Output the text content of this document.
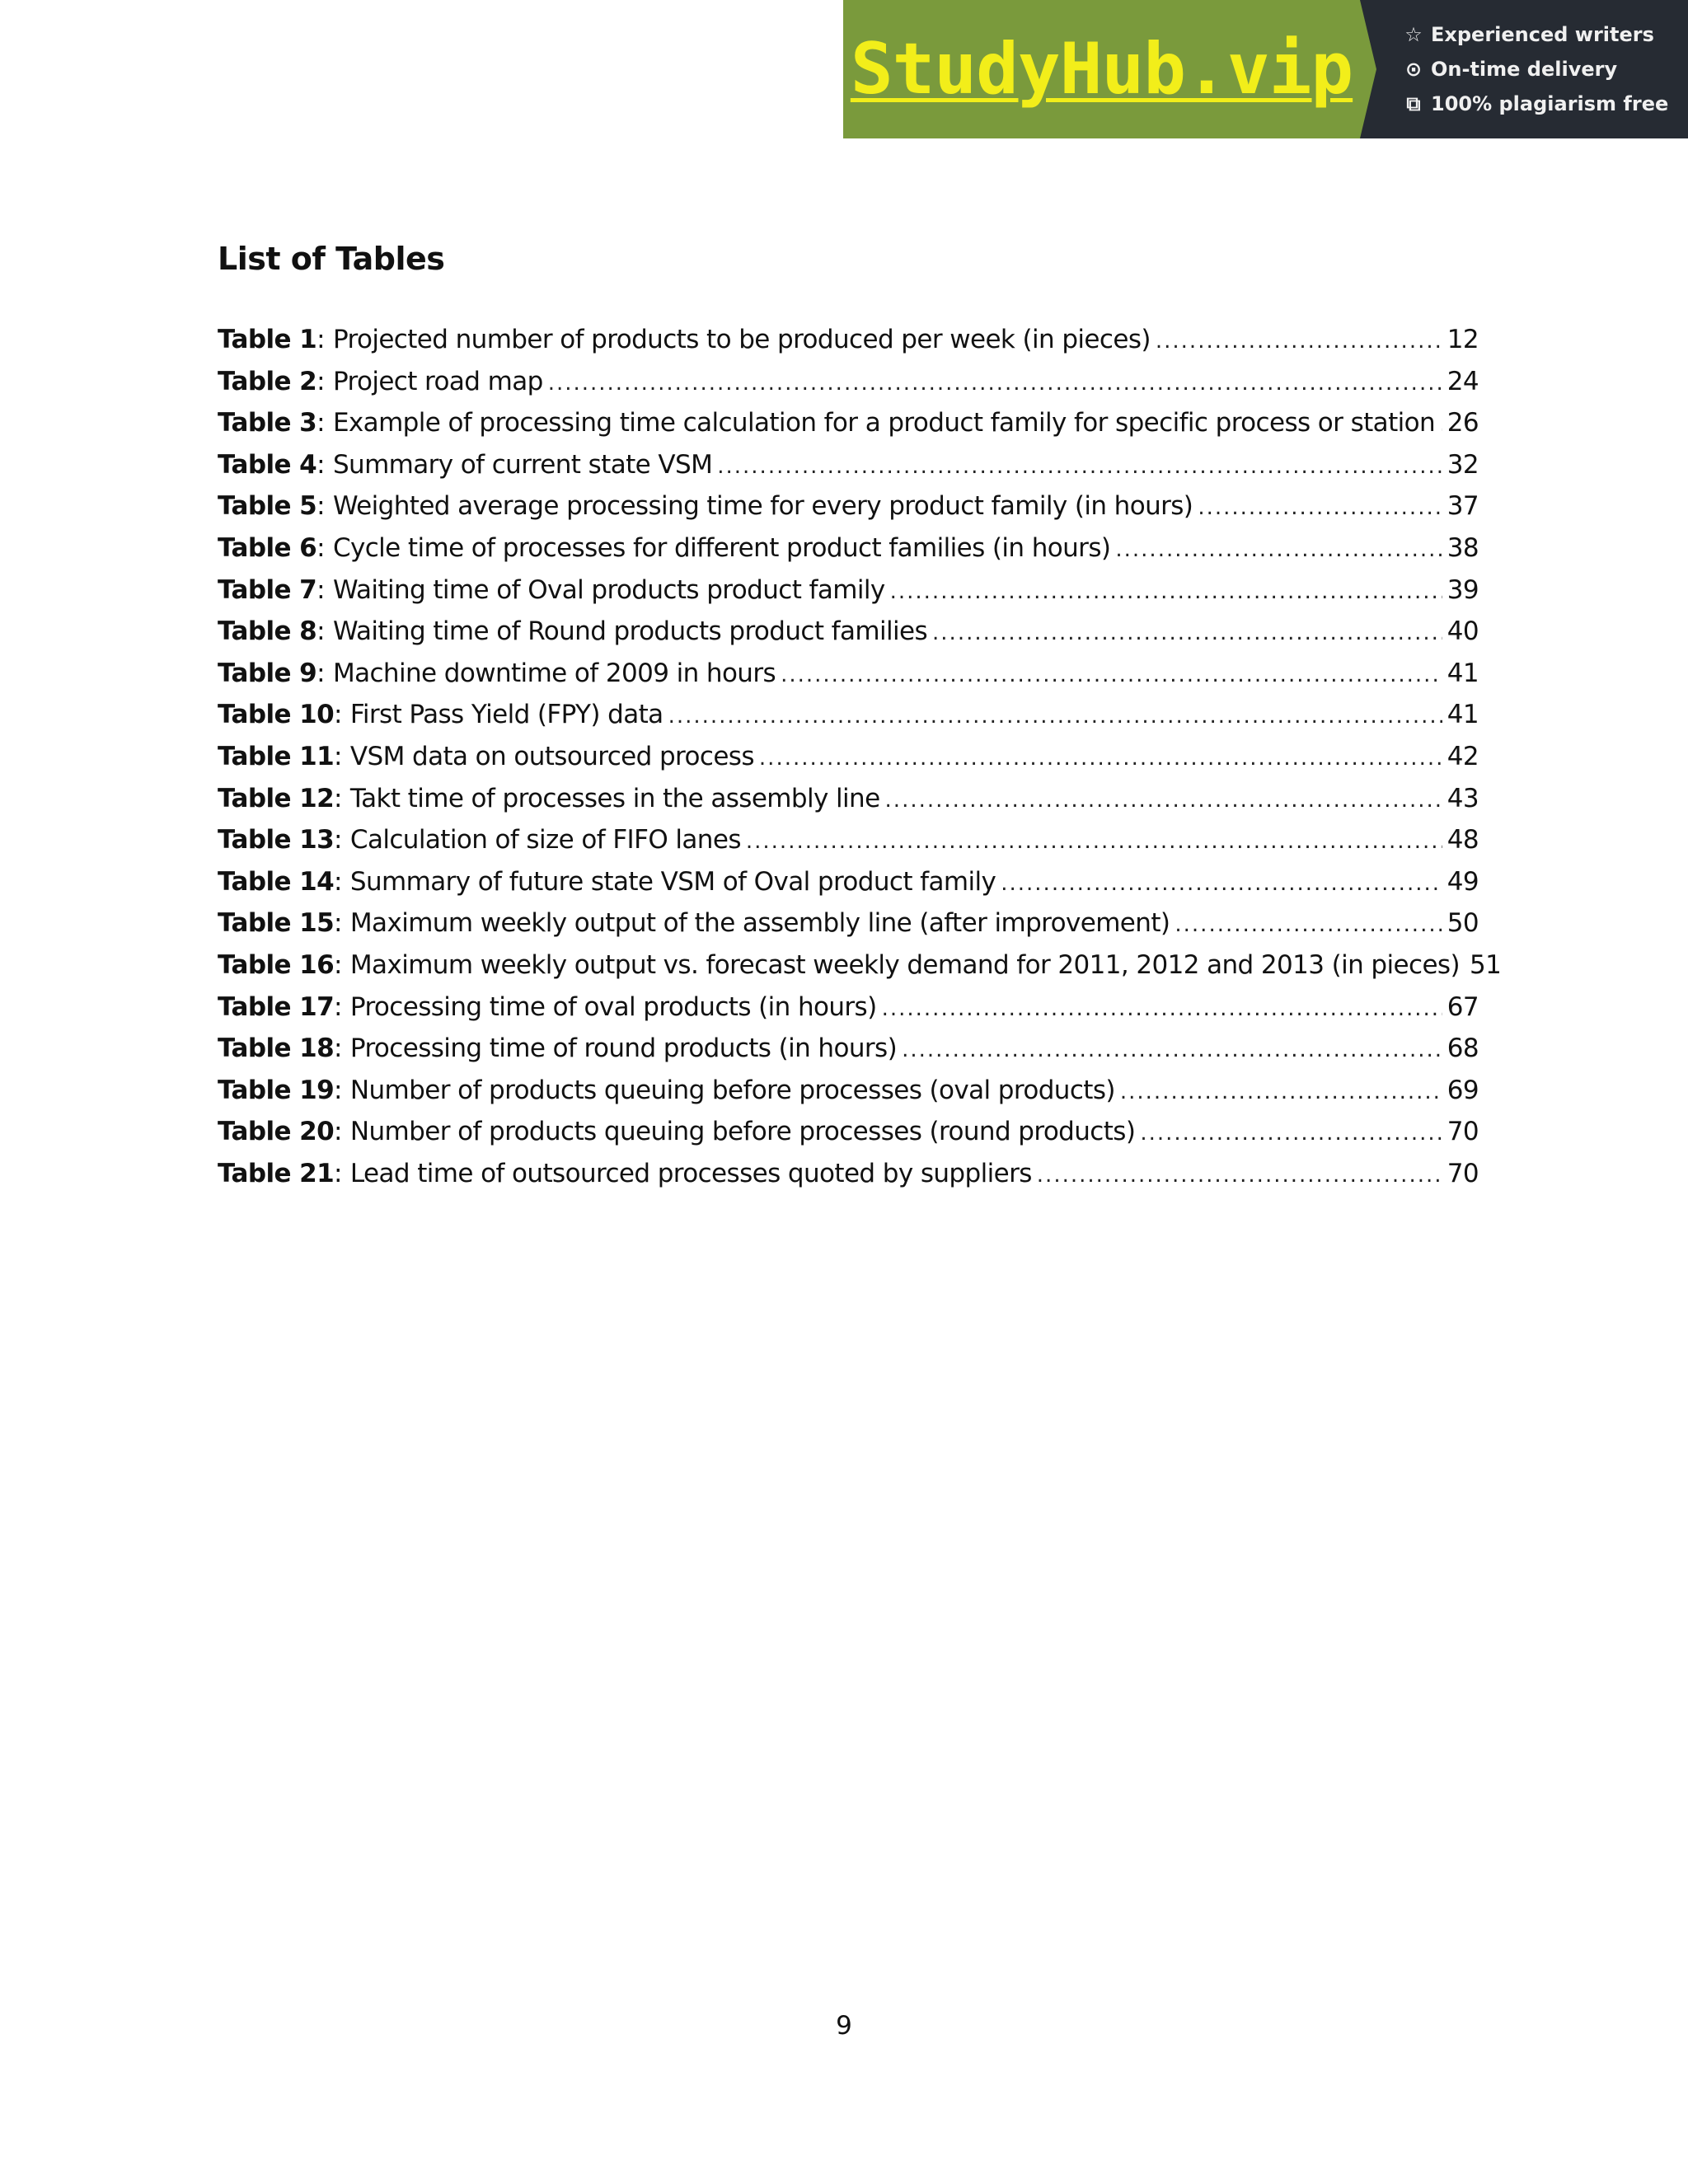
StudyHub.vip	☆ Experienced writers
⊙ On-time delivery
⧉ 100% plagiarism free
List of Tables
Table 1 : Projected number of products to be produced per week (in pieces) .....	12
Table 2 : Project road map .....	24
Table 3 : Example of processing time calculation for a product family for specific process or station ..... 26
Table 4 : Summary of current state VSM .....	32
Table 5 : Weighted average processing time for every product family (in hours) .....	37
Table 6 : Cycle time of processes for different product families (in hours) .....	38
Table 7 : Waiting time of Oval products product family .....	39
Table 8 : Waiting time of Round products product families .....	40
Table 9 : Machine downtime of 2009 in hours .....	41
Table 10 : First Pass Yield (FPY) data .....	41
Table 11 : VSM data on outsourced process .....	42
Table 12 : Takt time of processes in the assembly line .....	43
Table 13 : Calculation of size of FIFO lanes .....	48
Table 14 : Summary of future state VSM of Oval product family .....	49
Table 15 : Maximum weekly output of the assembly line (after improvement) .....	50
Table 16 : Maximum weekly output vs. forecast weekly demand for 2011, 2012 and 2013 (in pieces) 51
Table 17 : Processing time of oval products (in hours) .....	67
Table 18 : Processing time of round products (in hours) .....	68
Table 19 : Number of products queuing before processes (oval products) .....	69
Table 20 : Number of products queuing before processes (round products) .....	70
Table 21 : Lead time of outsourced processes quoted by suppliers .....	70
9
